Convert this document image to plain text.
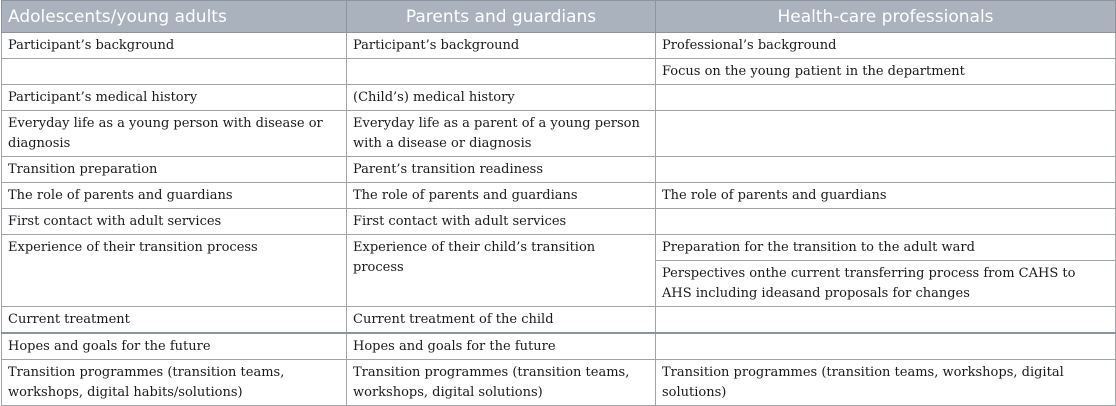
Adolescents/young adults	Parents and guardians	Health-care professionals
Participant’s background	Participant’s background	Professional’s background
		Focus on the young patient in the department
Participant’s medical history	(Child’s) medical history	
Everyday life as a young person with disease or diagnosis	Everyday life as a parent of a young person with a disease or diagnosis	
Transition preparation	Parent’s transition readiness	
The role of parents and guardians	The role of parents and guardians	The role of parents and guardians
First contact with adult services	First contact with adult services	
Experience of their transition process	Experience of their child’s transition process	Preparation for the transition to the adult ward
		Perspectives onthe current transferring process from CAHS to AHS including ideasand proposals for changes
Current treatment	Current treatment of the child	
Hopes and goals for the future	Hopes and goals for the future	
Transition programmes (transition teams, workshops, digital habits/solutions)	Transition programmes (transition teams, workshops, digital solutions)	Transition programmes (transition teams, workshops, digital solutions)
